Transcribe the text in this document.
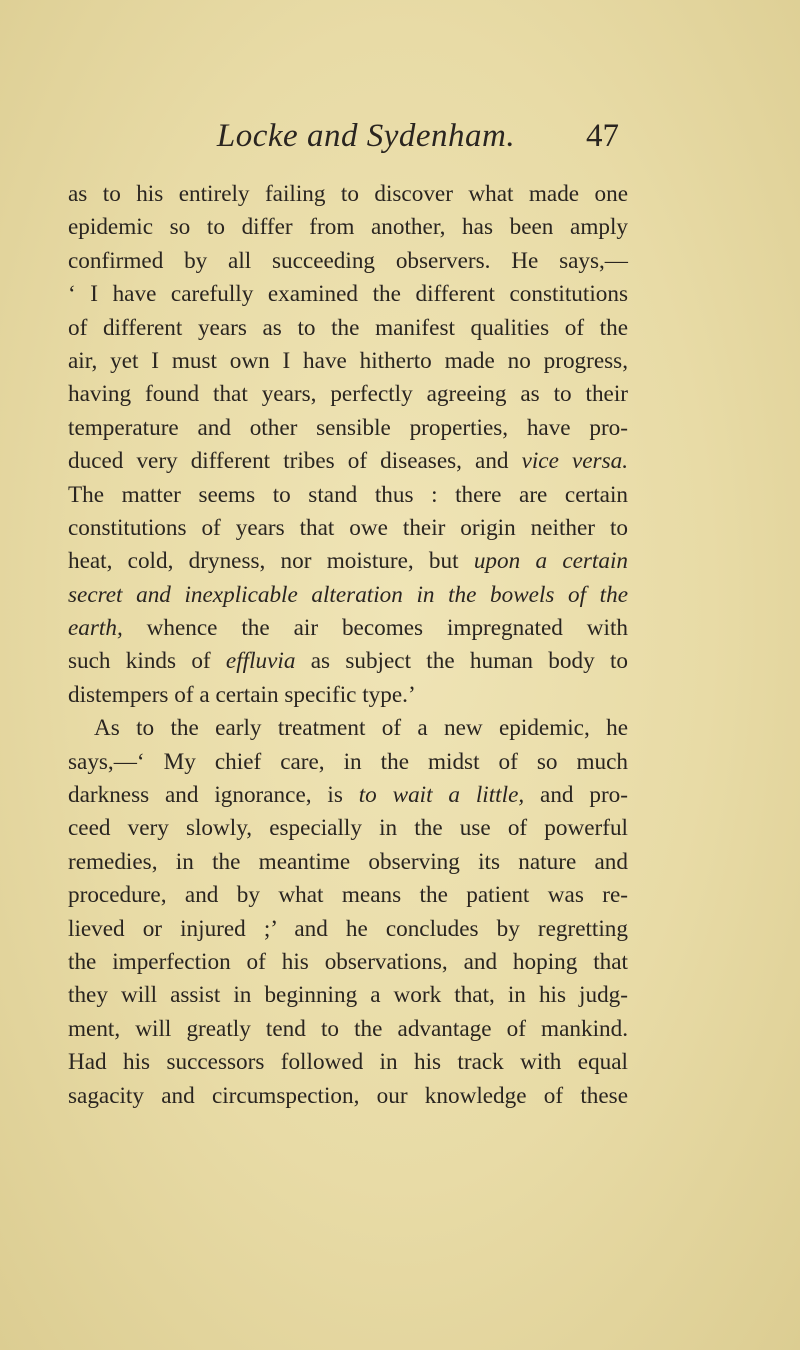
Locke and Sydenham. 47
as to his entirely failing to discover what made one
epidemic so to differ from another, has been amply
confirmed by all succeeding observers. He says,—
‘ I have carefully examined the different constitutions
of different years as to the manifest qualities of the
air, yet I must own I have hitherto made no progress,
having found that years, perfectly agreeing as to their
temperature and other sensible properties, have pro-
duced very different tribes of diseases, and vice versa.
The matter seems to stand thus : there are certain
constitutions of years that owe their origin neither to
heat, cold, dryness, nor moisture, but upon a certain
secret and inexplicable alteration in the bowels of the
earth, whence the air becomes impregnated with
such kinds of effluvia as subject the human body to
distempers of a certain specific type.’
As to the early treatment of a new epidemic, he
says,—‘ My chief care, in the midst of so much
darkness and ignorance, is to wait a little, and pro-
ceed very slowly, especially in the use of powerful
remedies, in the meantime observing its nature and
procedure, and by what means the patient was re-
lieved or injured ;’ and he concludes by regretting
the imperfection of his observations, and hoping that
they will assist in beginning a work that, in his judg-
ment, will greatly tend to the advantage of mankind.
Had his successors followed in his track with equal
sagacity and circumspection, our knowledge of these
